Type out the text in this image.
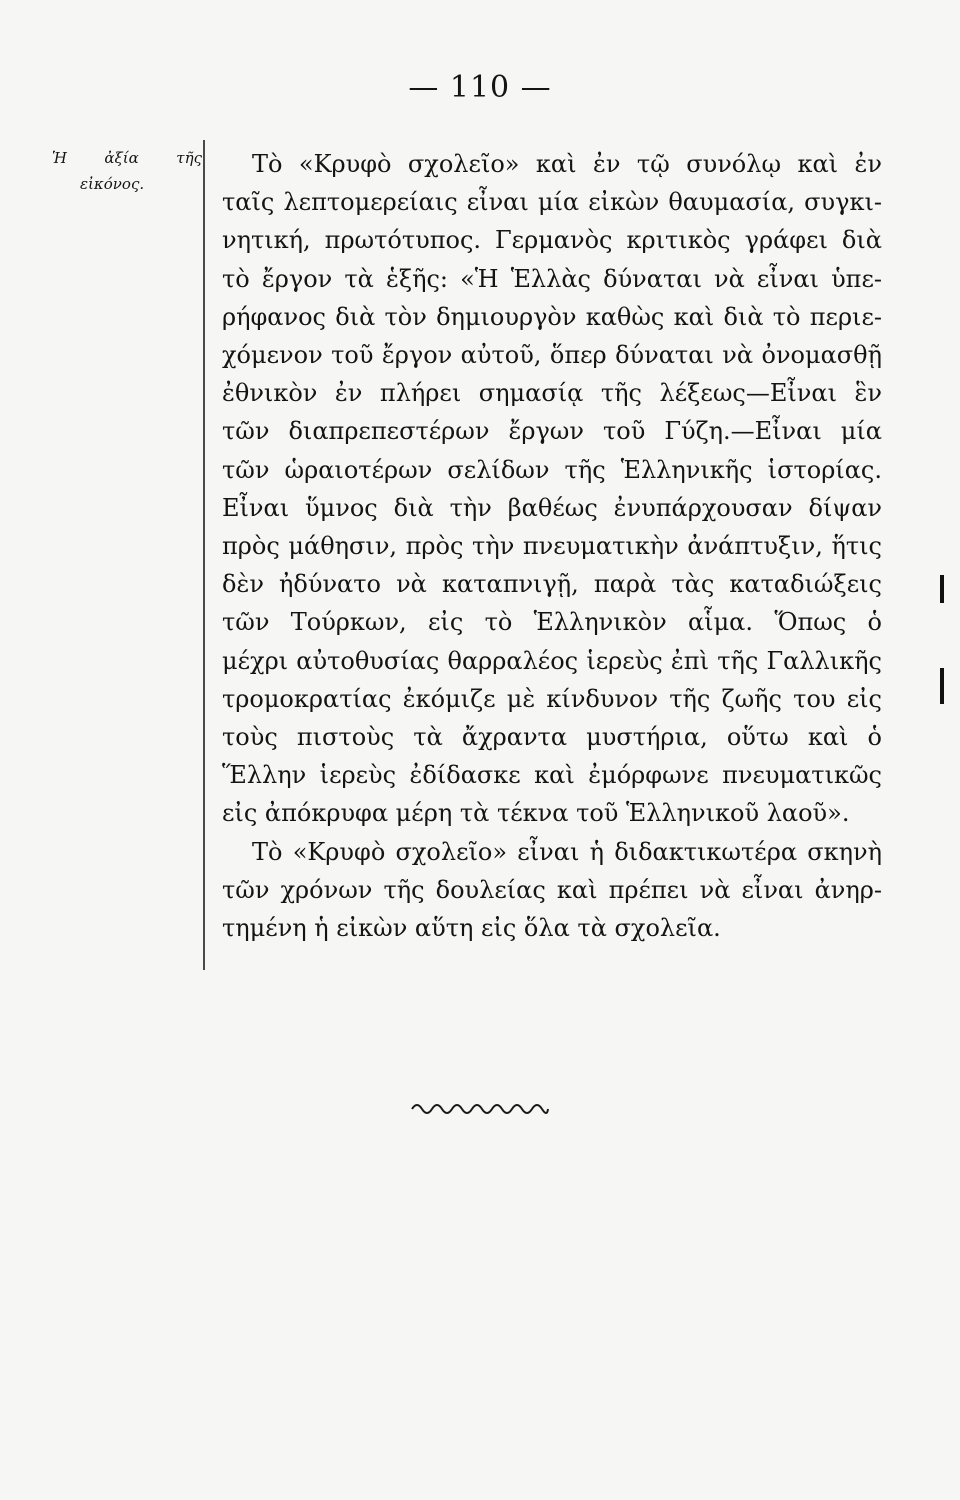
— 110 —
Ἡ ἀξία τῆς
εἰκόνος.
Τὸ «Κρυφὸ σχολεῖο» καὶ ἐν τῷ συνόλῳ καὶ ἐν
ταῖς λεπτομερείαις εἶναι μία εἰκὼν θαυμασία, συγκι-
νητική, πρωτότυπος. Γερμανὸς κριτικὸς γράφει διὰ
τὸ ἔργον τὰ ἑξῆς: «Ἡ Ἑλλὰς δύναται νὰ εἶναι ὑπε-
ρήφανος διὰ τὸν δημιουργὸν καθὼς καὶ διὰ τὸ περιε-
χόμενον τοῦ ἔργον αὐτοῦ, ὅπερ δύναται νὰ ὀνομασθῇ
ἐθνικὸν ἐν πλήρει σημασίᾳ τῆς λέξεως—Εἶναι ἓν
τῶν διαπρεπεστέρων ἔργων τοῦ Γύζη.—Εἶναι μία
τῶν ὡραιοτέρων σελίδων τῆς Ἑλληνικῆς ἱστορίας.
Εἶναι ὕμνος διὰ τὴν βαθέως ἐνυπάρχουσαν δίψαν
πρὸς μάθησιν, πρὸς τὴν πνευματικὴν ἀνάπτυξιν, ἥτις
δὲν ἠδύνατο νὰ καταπνιγῇ, παρὰ τὰς καταδιώξεις
τῶν Τούρκων, εἰς τὸ Ἑλληνικὸν αἷμα. Ὅπως ὁ
μέχρι αὐτοθυσίας θαρραλέος ἱερεὺς ἐπὶ τῆς Γαλλικῆς
τρομοκρατίας ἐκόμιζε μὲ κίνδυνον τῆς ζωῆς του εἰς
τοὺς πιστοὺς τὰ ἄχραντα μυστήρια, οὕτω καὶ ὁ
Ἕλλην ἱερεὺς ἐδίδασκε καὶ ἐμόρφωνε πνευματικῶς
εἰς ἀπόκρυφα μέρη τὰ τέκνα τοῦ Ἑλληνικοῦ λαοῦ».
Τὸ «Κρυφὸ σχολεῖο» εἶναι ἡ διδακτικωτέρα σκηνὴ
τῶν χρόνων τῆς δουλείας καὶ πρέπει νὰ εἶναι ἀνηρ-
τημένη ἡ εἰκὼν αὕτη εἰς ὅλα τὰ σχολεῖα.
